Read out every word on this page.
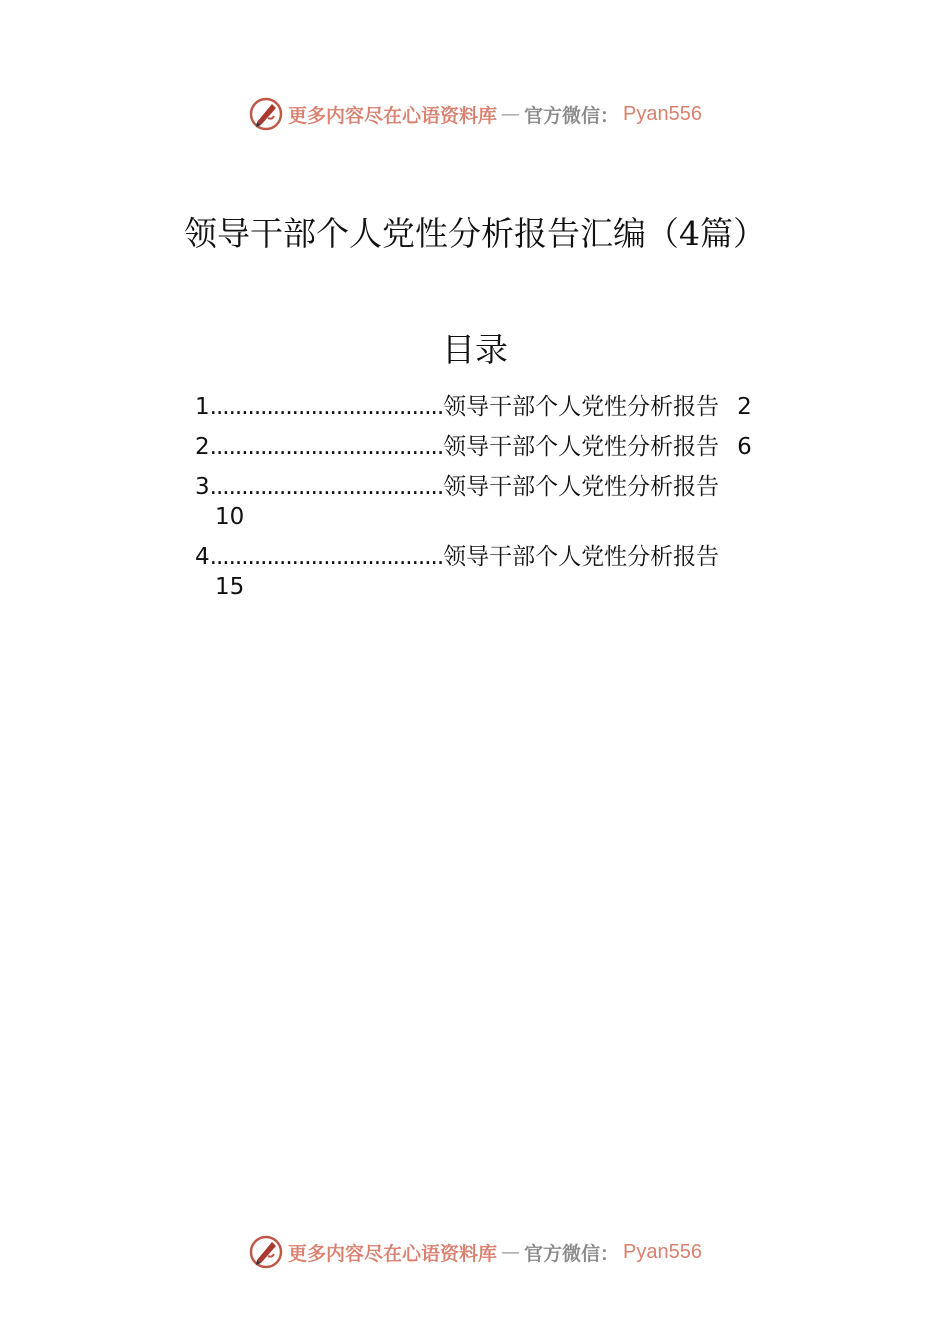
更多内容尽在心语资料库 — 官方微信： Pyan556
领导干部个人党性分析报告汇编（4篇）
目录
1 ..................................... 领导干部个人党性分析报告 2
2 ..................................... 领导干部个人党性分析报告 6
3 ..................................... 领导干部个人党性分析报告
10
4 ..................................... 领导干部个人党性分析报告
15
更多内容尽在心语资料库 — 官方微信： Pyan556
